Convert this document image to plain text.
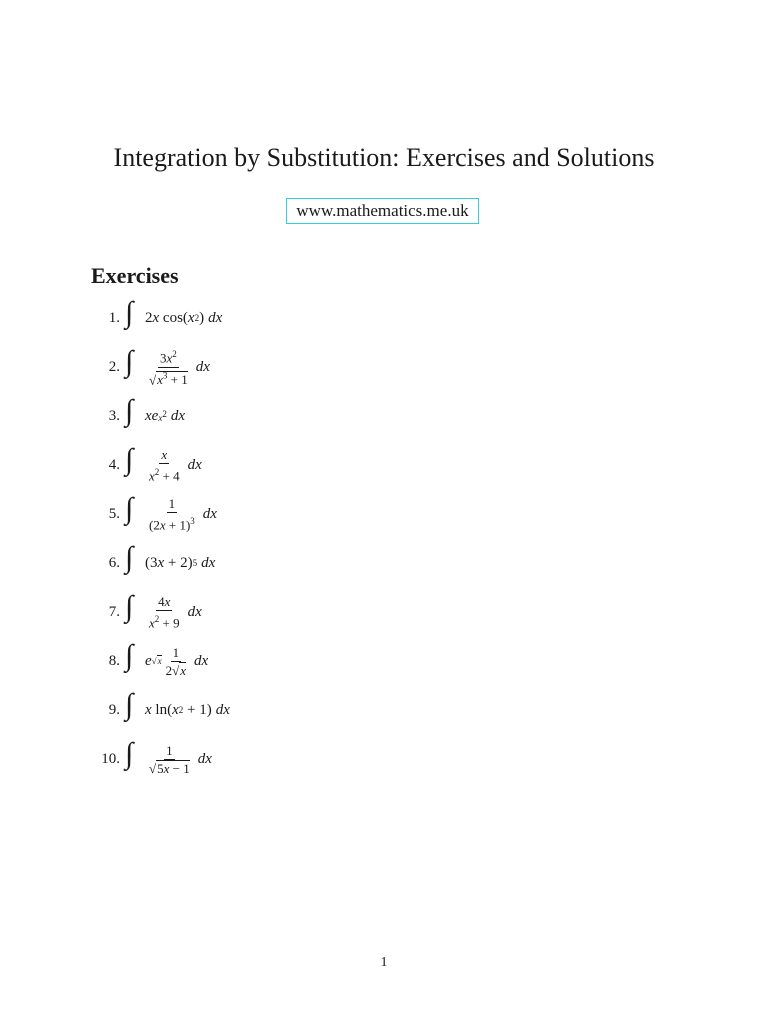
Integration by Substitution: Exercises and Solutions
www.mathematics.me.uk
Exercises
1. ∫ 2 x cos( x 2 ) dx
2. ∫ $\frac{3x^2}{√x^3 + 1}$ dx
3. ∫ xe $x^2$ dx
4. ∫ $\frac{x}{x^2 + 4}$ dx
5. ∫ $\frac{1}{(2x + 1)^3}$ dx
6. ∫ (3 x + 2) 5 dx
7. ∫ $\frac{4x}{x^2 + 9}$ dx
8. ∫ e $√x \frac{1}{2√x}$ dx
9. ∫ x ln( x 2 + 1) dx
10. ∫ $\frac{1}{√5x - 1}$ dx
1
